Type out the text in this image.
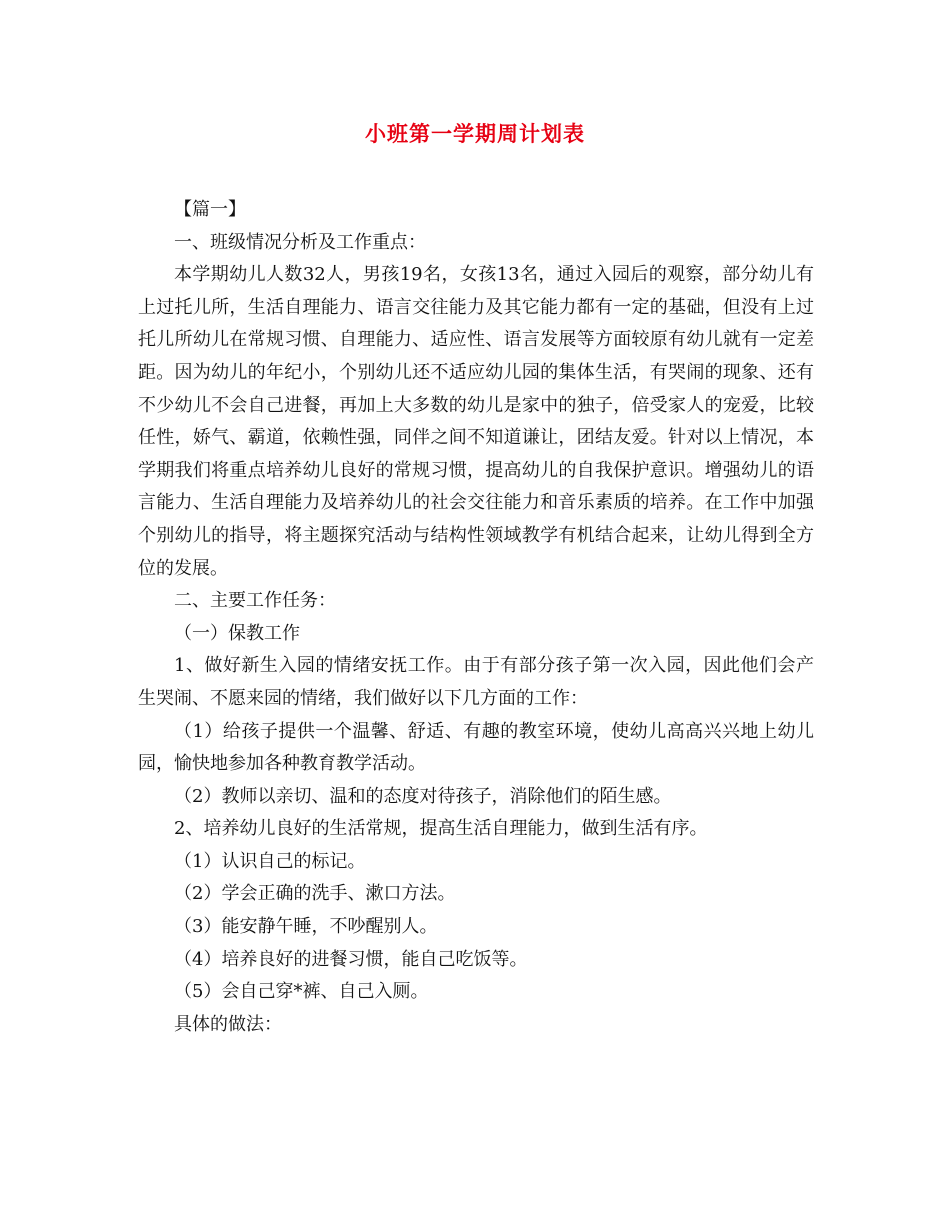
小班第一学期周计划表

【篇一】

一、班级情况分析及工作重点：

本学期幼儿人数32人，男孩19名，女孩13名，通过入园后的观察，部分幼儿有上过托儿所，生活自理能力、语言交往能力及其它能力都有一定的基础，但没有上过托儿所幼儿在常规习惯、自理能力、适应性、语言发展等方面较原有幼儿就有一定差距。因为幼儿的年纪小，个别幼儿还不适应幼儿园的集体生活，有哭闹的现象、还有不少幼儿不会自己进餐，再加上大多数的幼儿是家中的独子，倍受家人的宠爱，比较任性，娇气、霸道，依赖性强，同伴之间不知道谦让，团结友爱。针对以上情况，本学期我们将重点培养幼儿良好的常规习惯，提高幼儿的自我保护意识。增强幼儿的语言能力、生活自理能力及培养幼儿的社会交往能力和音乐素质的培养。在工作中加强个别幼儿的指导，将主题探究活动与结构性领域教学有机结合起来，让幼儿得到全方位的发展。

二、主要工作任务：

（一）保教工作

1、做好新生入园的情绪安抚工作。由于有部分孩子第一次入园，因此他们会产生哭闹、不愿来园的情绪，我们做好以下几方面的工作：

（1）给孩子提供一个温馨、舒适、有趣的教室环境，使幼儿高高兴兴地上幼儿园，愉快地参加各种教育教学活动。

（2）教师以亲切、温和的态度对待孩子，消除他们的陌生感。

2、培养幼儿良好的生活常规，提高生活自理能力，做到生活有序。

（1）认识自己的标记。

（2）学会正确的洗手、漱口方法。

（3）能安静午睡，不吵醒别人。

（4）培养良好的进餐习惯，能自己吃饭等。

（5）会自己穿*裤、自己入厕。

具体的做法：
